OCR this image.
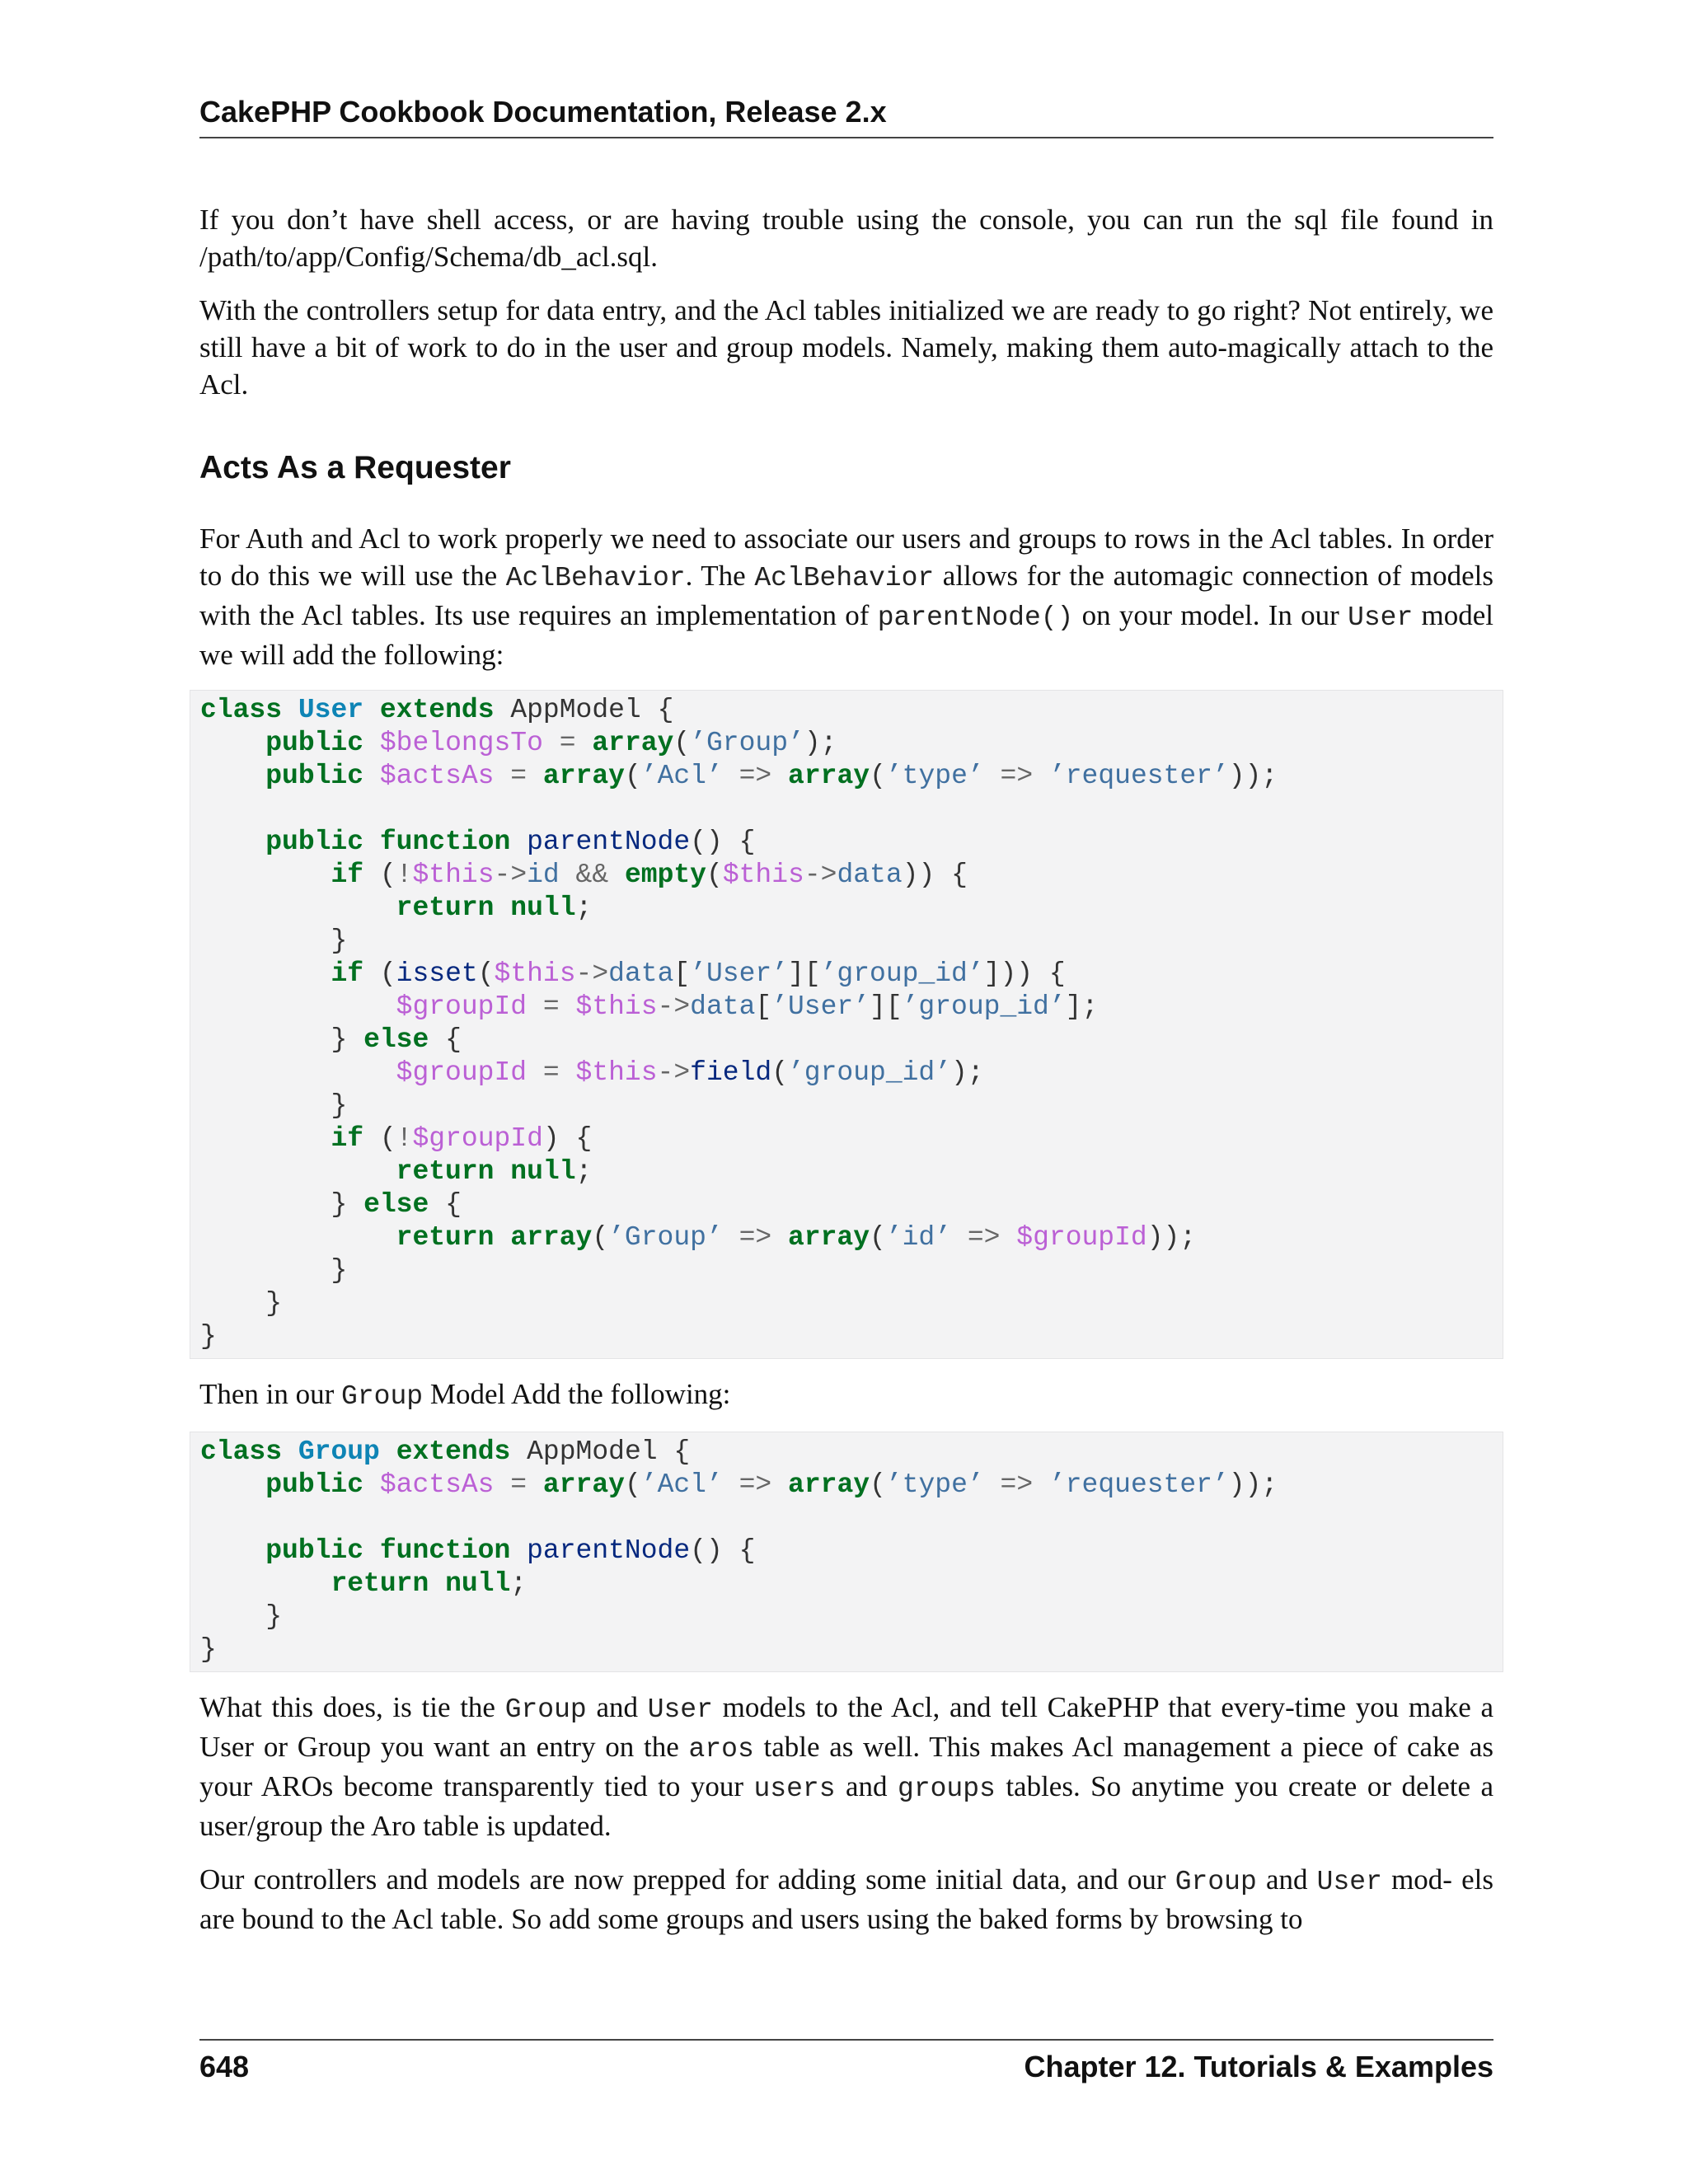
CakePHP Cookbook Documentation, Release 2.x

If you don’t have shell access, or are having trouble using the console, you can run the sql file found in /path/to/app/Config/Schema/db_acl.sql.

With the controllers setup for data entry, and the Acl tables initialized we are ready to go right? Not entirely, we still have a bit of work to do in the user and group models. Namely, making them auto-magically attach to the Acl.

Acts As a Requester

For Auth and Acl to work properly we need to associate our users and groups to rows in the Acl tables. In order to do this we will use the AclBehavior. The AclBehavior allows for the automagic connection of models with the Acl tables. Its use requires an implementation of parentNode() on your model. In our User model we will add the following:

class User extends AppModel {
public $belongsTo = array(’Group’);
public $actsAs = array(’Acl’ => array(’type’ => ’requester’));

public function parentNode() {
if (!$this->id && empty($this->data)) {
return null;
}
if (isset($this->data[’User’][’group_id’])) {
$groupId = $this->data[’User’][’group_id’];
} else {
$groupId = $this->field(’group_id’);
}
if (!$groupId) {
return null;
} else {
return array(’Group’ => array(’id’ => $groupId));
}
}
}

Then in our Group Model Add the following:

class Group extends AppModel {
public $actsAs = array(’Acl’ => array(’type’ => ’requester’));

public function parentNode() {
return null;
}
}

What this does, is tie the Group and User models to the Acl, and tell CakePHP that every-time you make a User or Group you want an entry on the aros table as well. This makes Acl management a piece of cake as your AROs become transparently tied to your users and groups tables. So anytime you create or delete a user/group the Aro table is updated.

Our controllers and models are now prepped for adding some initial data, and our Group and User mod- els are bound to the Acl table. So add some groups and users using the baked forms by browsing to

648	Chapter 12. Tutorials & Examples
